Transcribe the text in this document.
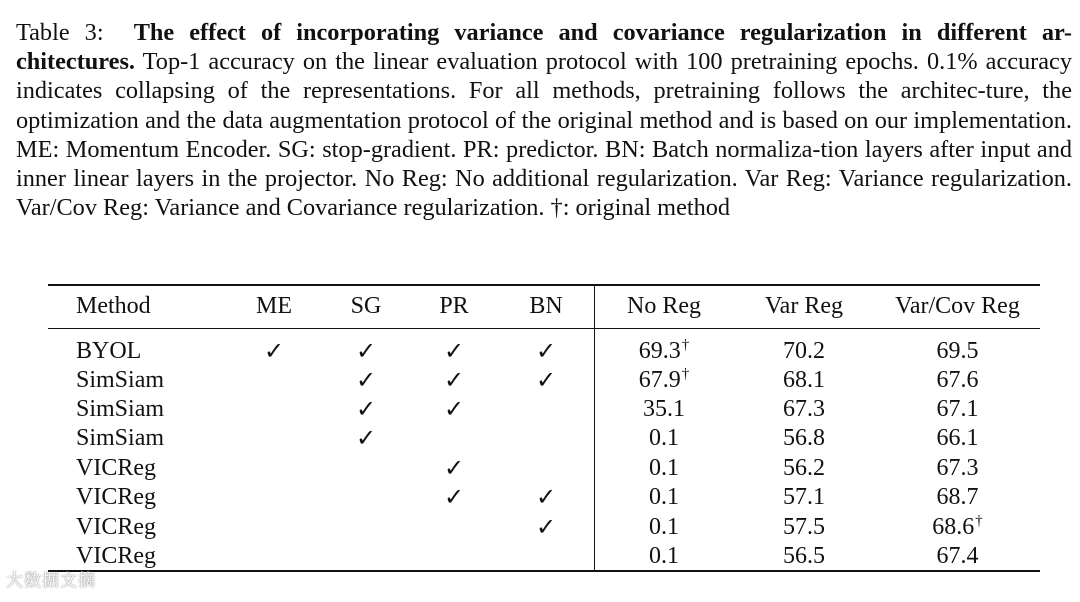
Table 3: The effect of incorporating variance and covariance regularization in different ar-chitectures. Top-1 accuracy on the linear evaluation protocol with 100 pretraining epochs. 0.1% accuracy indicates collapsing of the representations. For all methods, pretraining follows the architec-ture, the optimization and the data augmentation protocol of the original method and is based on our implementation. ME: Momentum Encoder. SG: stop-gradient. PR: predictor. BN: Batch normaliza-tion layers after input and inner linear layers in the projector. No Reg: No additional regularization. Var Reg: Variance regularization. Var/Cov Reg: Variance and Covariance regularization. †: original method
Method	ME	SG	PR	BN	No Reg	Var Reg	Var/Cov Reg
BYOL	✓	✓	✓	✓	69.3†	70.2	69.5
SimSiam		✓	✓	✓	67.9†	68.1	67.6
SimSiam		✓	✓		35.1	67.3	67.1
SimSiam		✓			0.1	56.8	66.1
VICReg			✓		0.1	56.2	67.3
VICReg			✓	✓	0.1	57.1	68.7
VICReg				✓	0.1	57.5	68.6†
VICReg					0.1	56.5	67.4
大数据文摘
